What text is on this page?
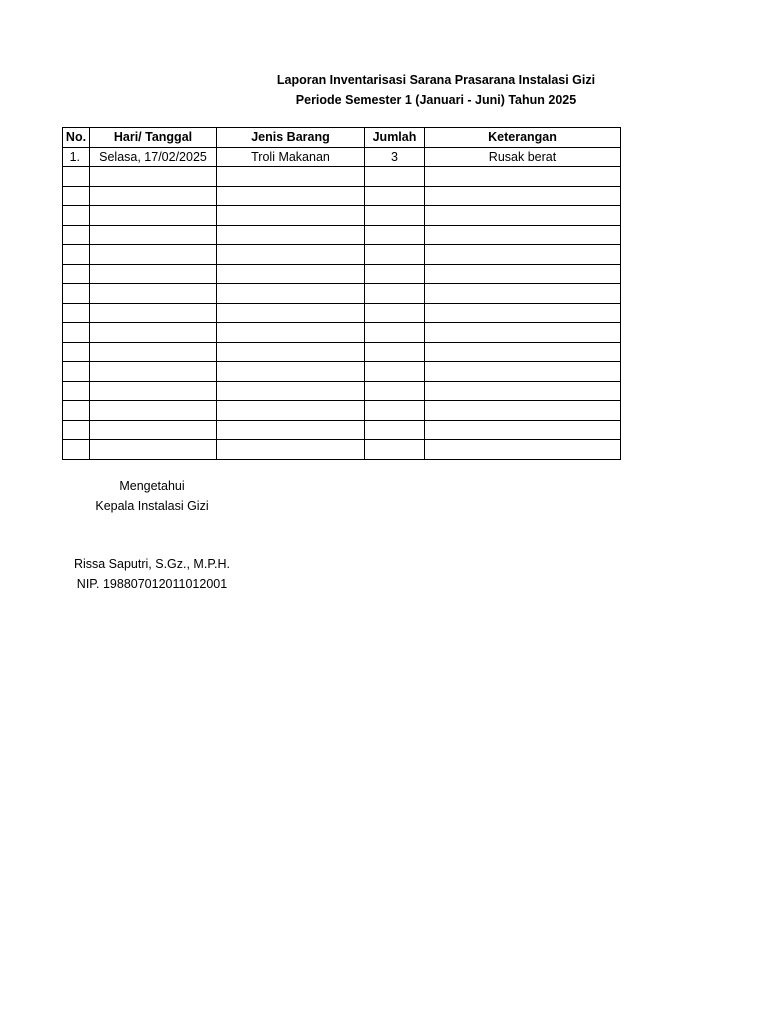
Laporan Inventarisasi Sarana Prasarana Instalasi Gizi
Periode Semester 1 (Januari - Juni) Tahun 2025
No.	Hari/ Tanggal	Jenis Barang	Jumlah	Keterangan
1.	Selasa, 17/02/2025	Troli Makanan	3	Rusak berat

Mengetahui
Kepala Instalasi Gizi
Rissa Saputri, S.Gz., M.P.H.
NIP. 198807012011012001
